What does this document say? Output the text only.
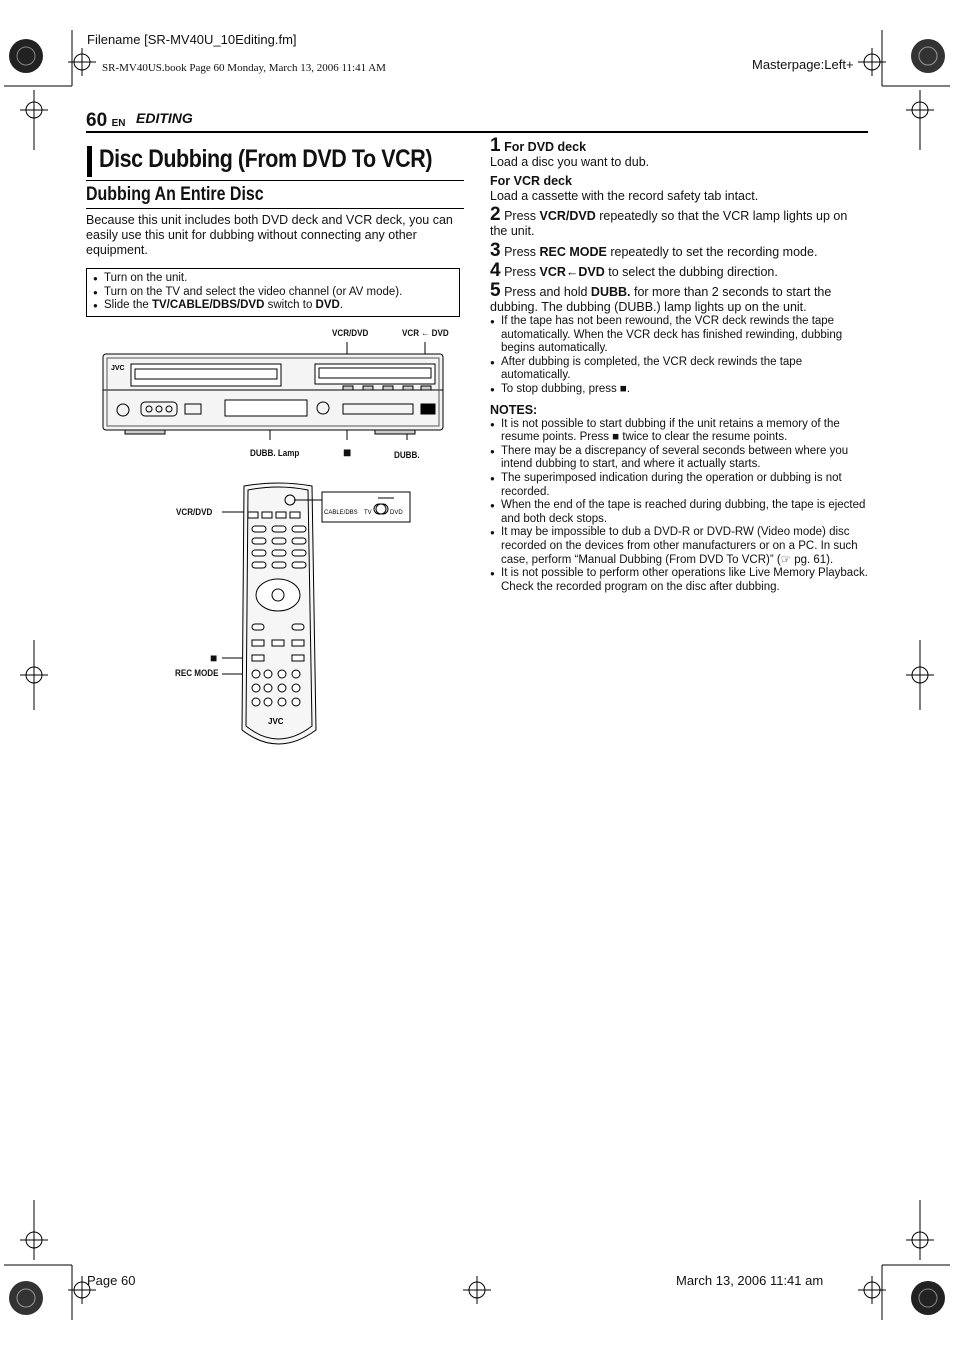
Filename [SR-MV40U_10Editing.fm]
SR-MV40US.book Page 60 Monday, March 13, 2006 11:41 AM	Masterpage:Left+
60 EN EDITING
Disc Dubbing (From DVD To VCR)
Dubbing An Entire Disc
Because this unit includes both DVD deck and VCR deck, you can easily use this unit for dubbing without connecting any other equipment.
● Turn on the unit.
● Turn on the TV and select the video channel (or AV mode).
● Slide the TV/CABLE/DBS/DVD switch to DVD.
VCR/DVD	VCR ← DVD
JVC
DUBB. Lamp	■	DUBB.
VCR/DVD
■
REC MODE
CABLE/DBS TV	DVD
JVC
1 For DVD deck
Load a disc you want to dub.
For VCR deck
Load a cassette with the record safety tab intact.
2 Press VCR/DVD repeatedly so that the VCR lamp lights up on the unit.
3 Press REC MODE repeatedly to set the recording mode.
4 Press VCR←DVD to select the dubbing direction.
5 Press and hold DUBB. for more than 2 seconds to start the dubbing. The dubbing (DUBB.) lamp lights up on the unit.
● If the tape has not been rewound, the VCR deck rewinds the tape automatically. When the VCR deck has finished rewinding, dubbing begins automatically.
● After dubbing is completed, the VCR deck rewinds the tape automatically.
● To stop dubbing, press ■.
NOTES:
● It is not possible to start dubbing if the unit retains a memory of the resume points. Press ■ twice to clear the resume points.
● There may be a discrepancy of several seconds between where you intend dubbing to start, and where it actually starts.
● The superimposed indication during the operation or dubbing is not recorded.
● When the end of the tape is reached during dubbing, the tape is ejected and both deck stops.
● It may be impossible to dub a DVD-R or DVD-RW (Video mode) disc recorded on the devices from other manufacturers or on a PC. In such case, perform “Manual Dubbing (From DVD To VCR)” (☞ pg. 61).
● It is not possible to perform other operations like Live Memory Playback. Check the recorded program on the disc after dubbing.
Page 60	March 13, 2006 11:41 am
